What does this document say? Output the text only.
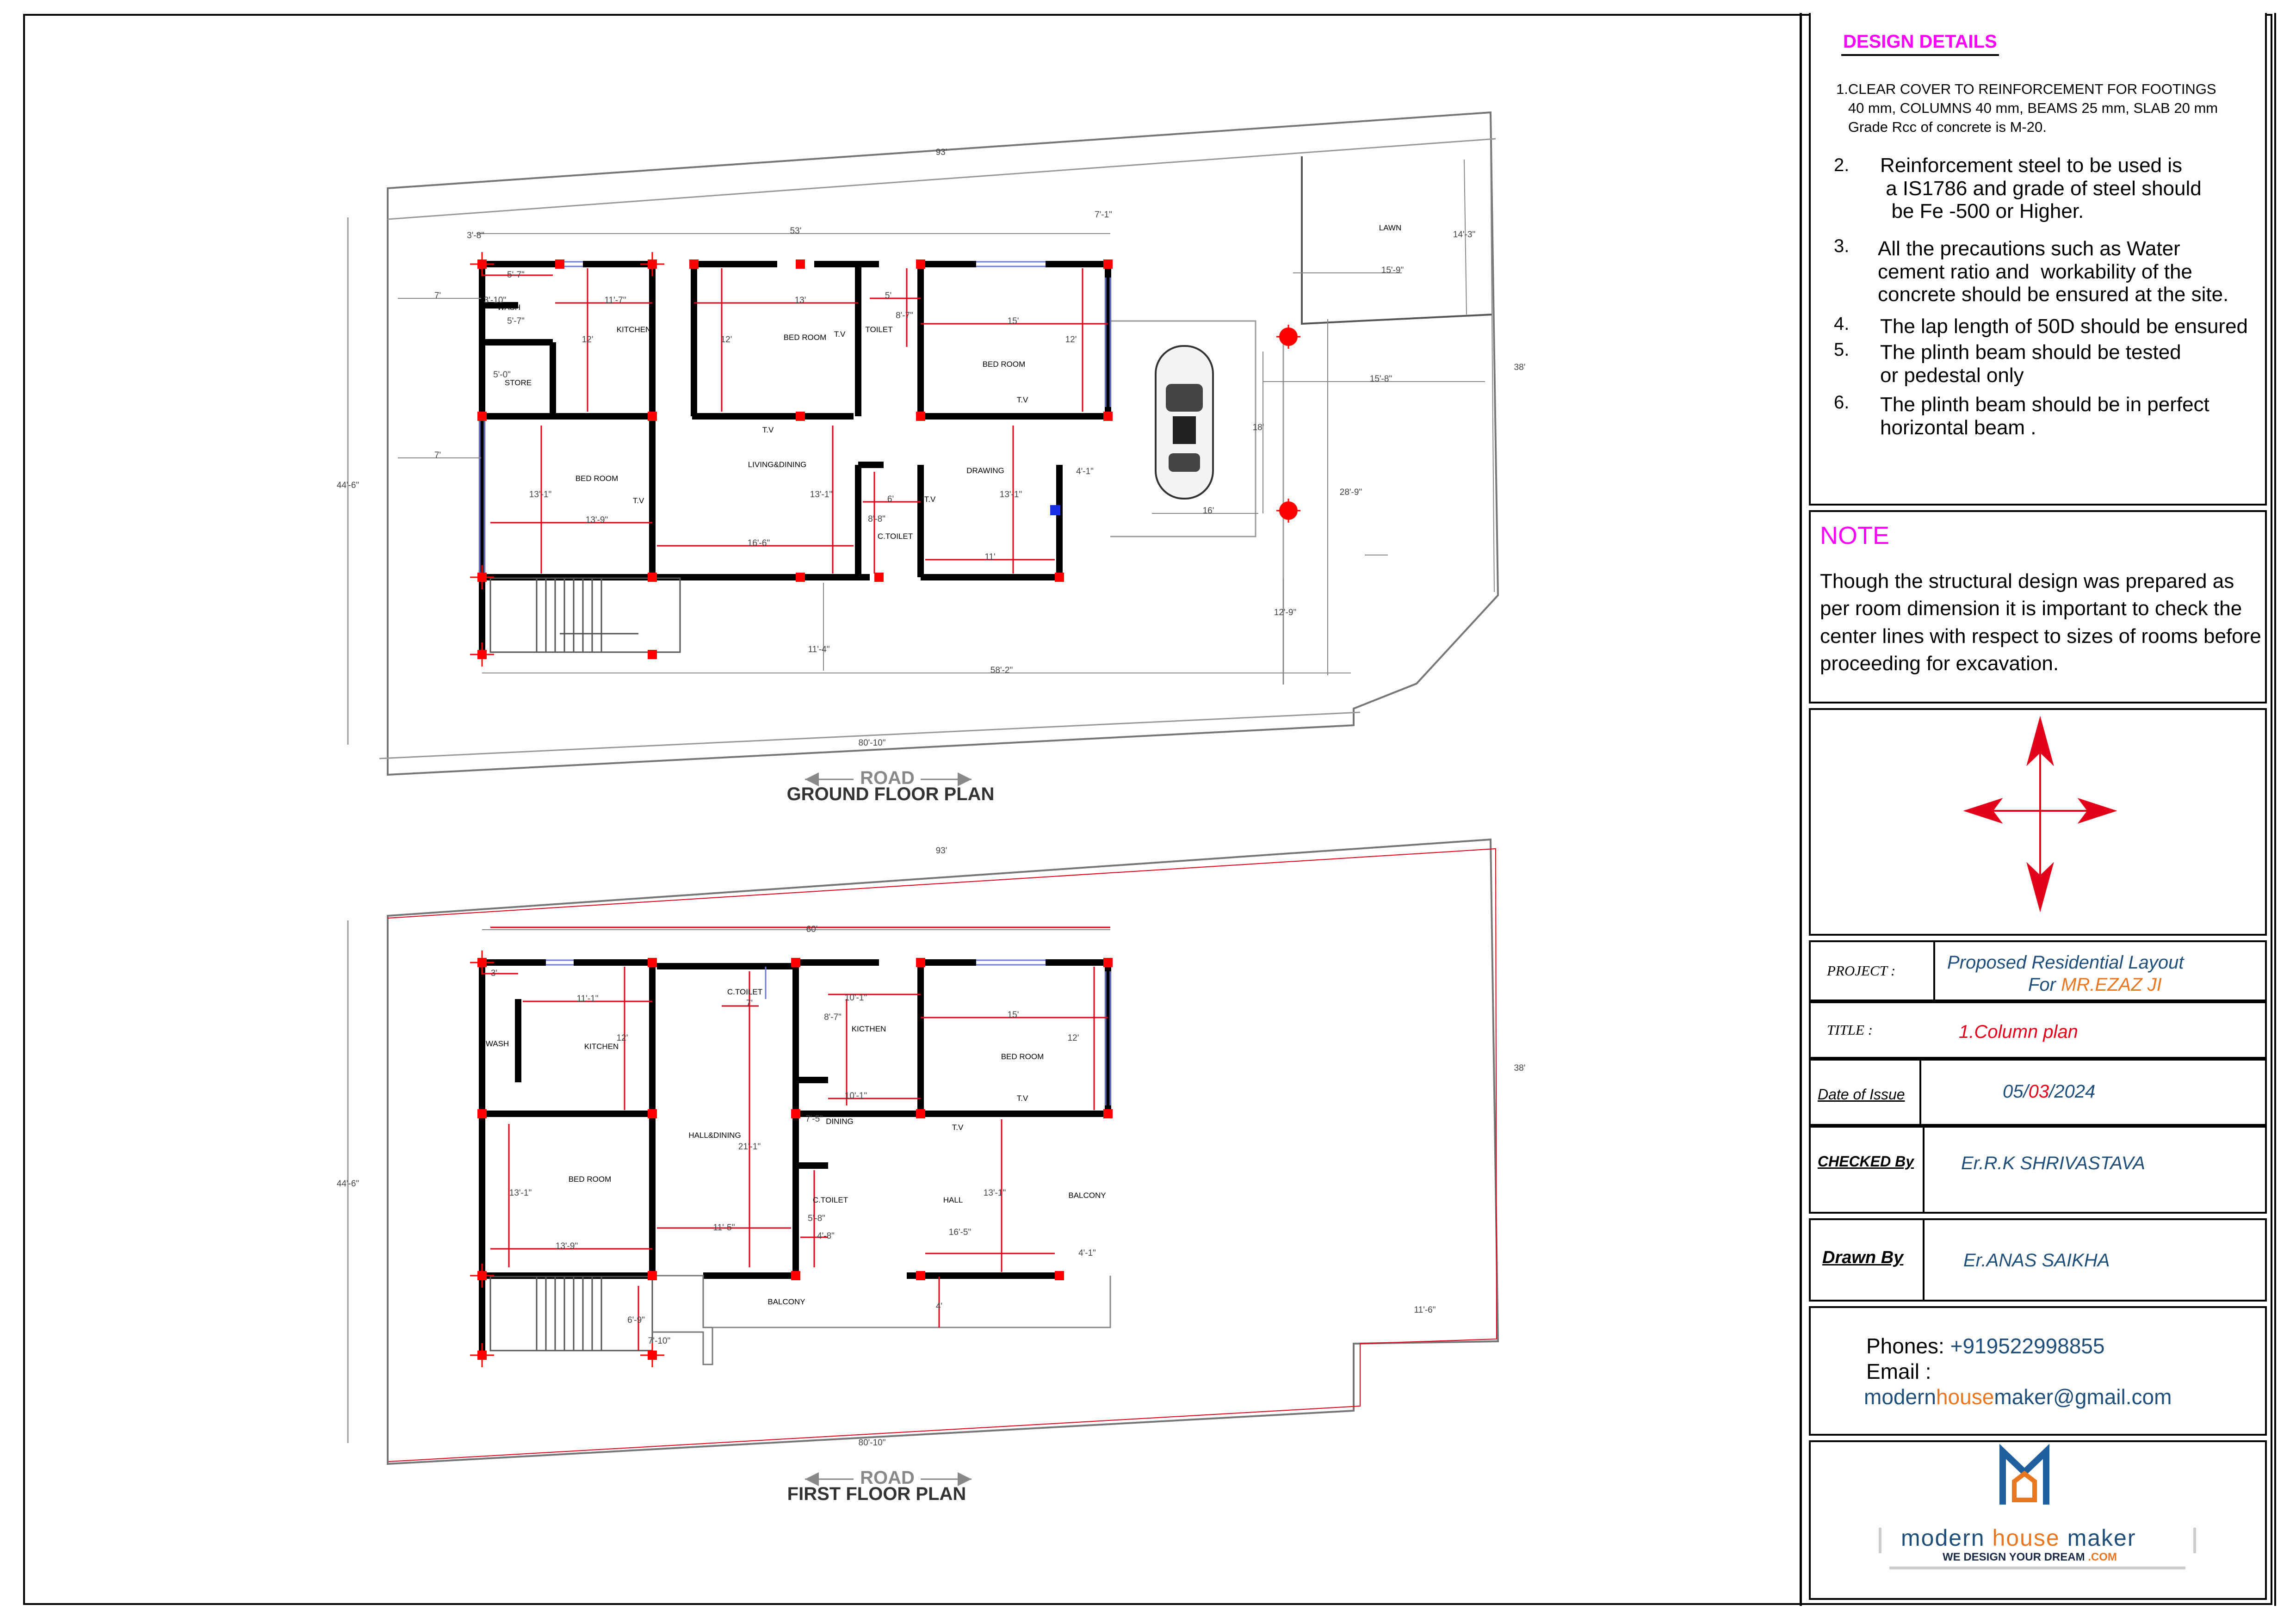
WASH
KITCHEN
STORE
BED ROOM
TOILET
BED ROOM
LAWN
BED ROOM
LIVING&DINING
DRAWING
C.TOILET
T.V
T.V
T.V
T.V	T.V
93'
53'
3'-8"
7'-1"
44'-6"
7'
7'
38'
28'-9"
18'
16'
15'-8"
15'-9"
14'-3"
12'-9"
11'-4"
58'-2"
80'-10"
5'-7"
5'-7"
3'-10"	11'-7"
12'	12'
13'	5'
8'-7"
15'
12'
5'-0"
13'-1"
13'-9"
16'-6"
13'-1"	6'
8'-8"
13'-1"
4'-1"
11'
ROAD
GROUND FLOOR PLAN
WASH	KITCHEN
C.TOILET
KICTHEN
BED ROOM
BED ROOM
HALL&DINING
DINING
C.TOILET	HALL
BALCONY
BALCONY
T.V
T.V
93'
60'
44'-6"
38'
80'-10"
11'-6"
3'
11'-1"
12'
7'
10'-1"
8'-7"	15'
12'
10'-1"
7'-5"
21'-1"
13'-1"
13'-9"
11'-5"
5'-8"
4'-8"
13'-1"
16'-5"
4'-1"
4'
6'-9"
7'-10"
ROAD
FIRST FLOOR PLAN
DESIGN DETAILS
1.CLEAR COVER TO REINFORCEMENT FOR FOOTINGS
40 mm, COLUMNS 40 mm, BEAMS 25 mm, SLAB 20 mm
Grade Rcc of concrete is M-20.
2. Reinforcement steel to be used is
a IS1786 and grade of steel should
be Fe -500 or Higher.
3. All the precautions such as Water
cement ratio and  workability of the
concrete should be ensured at the site.
4. The lap length of 50D should be ensured
5. The plinth beam should be tested
or pedestal only
6. The plinth beam should be in perfect
horizontal beam .
NOTE
Though the structural design was prepared as per room dimension it is important to check the center lines with respect to sizes of rooms before proceeding for excavation.
PROJECT :	Proposed Residential Layout
For MR.EZAZ JI
TITLE :	1.Column plan
Date of Issue	05/03/2024
CHECKED By	Er.R.K SHRIVASTAVA
Drawn By	Er.ANAS SAIKHA
Phones: +919522998855
Email :
modernhousemaker@gmail.com
modern house maker
WE DESIGN YOUR DREAM .COM
